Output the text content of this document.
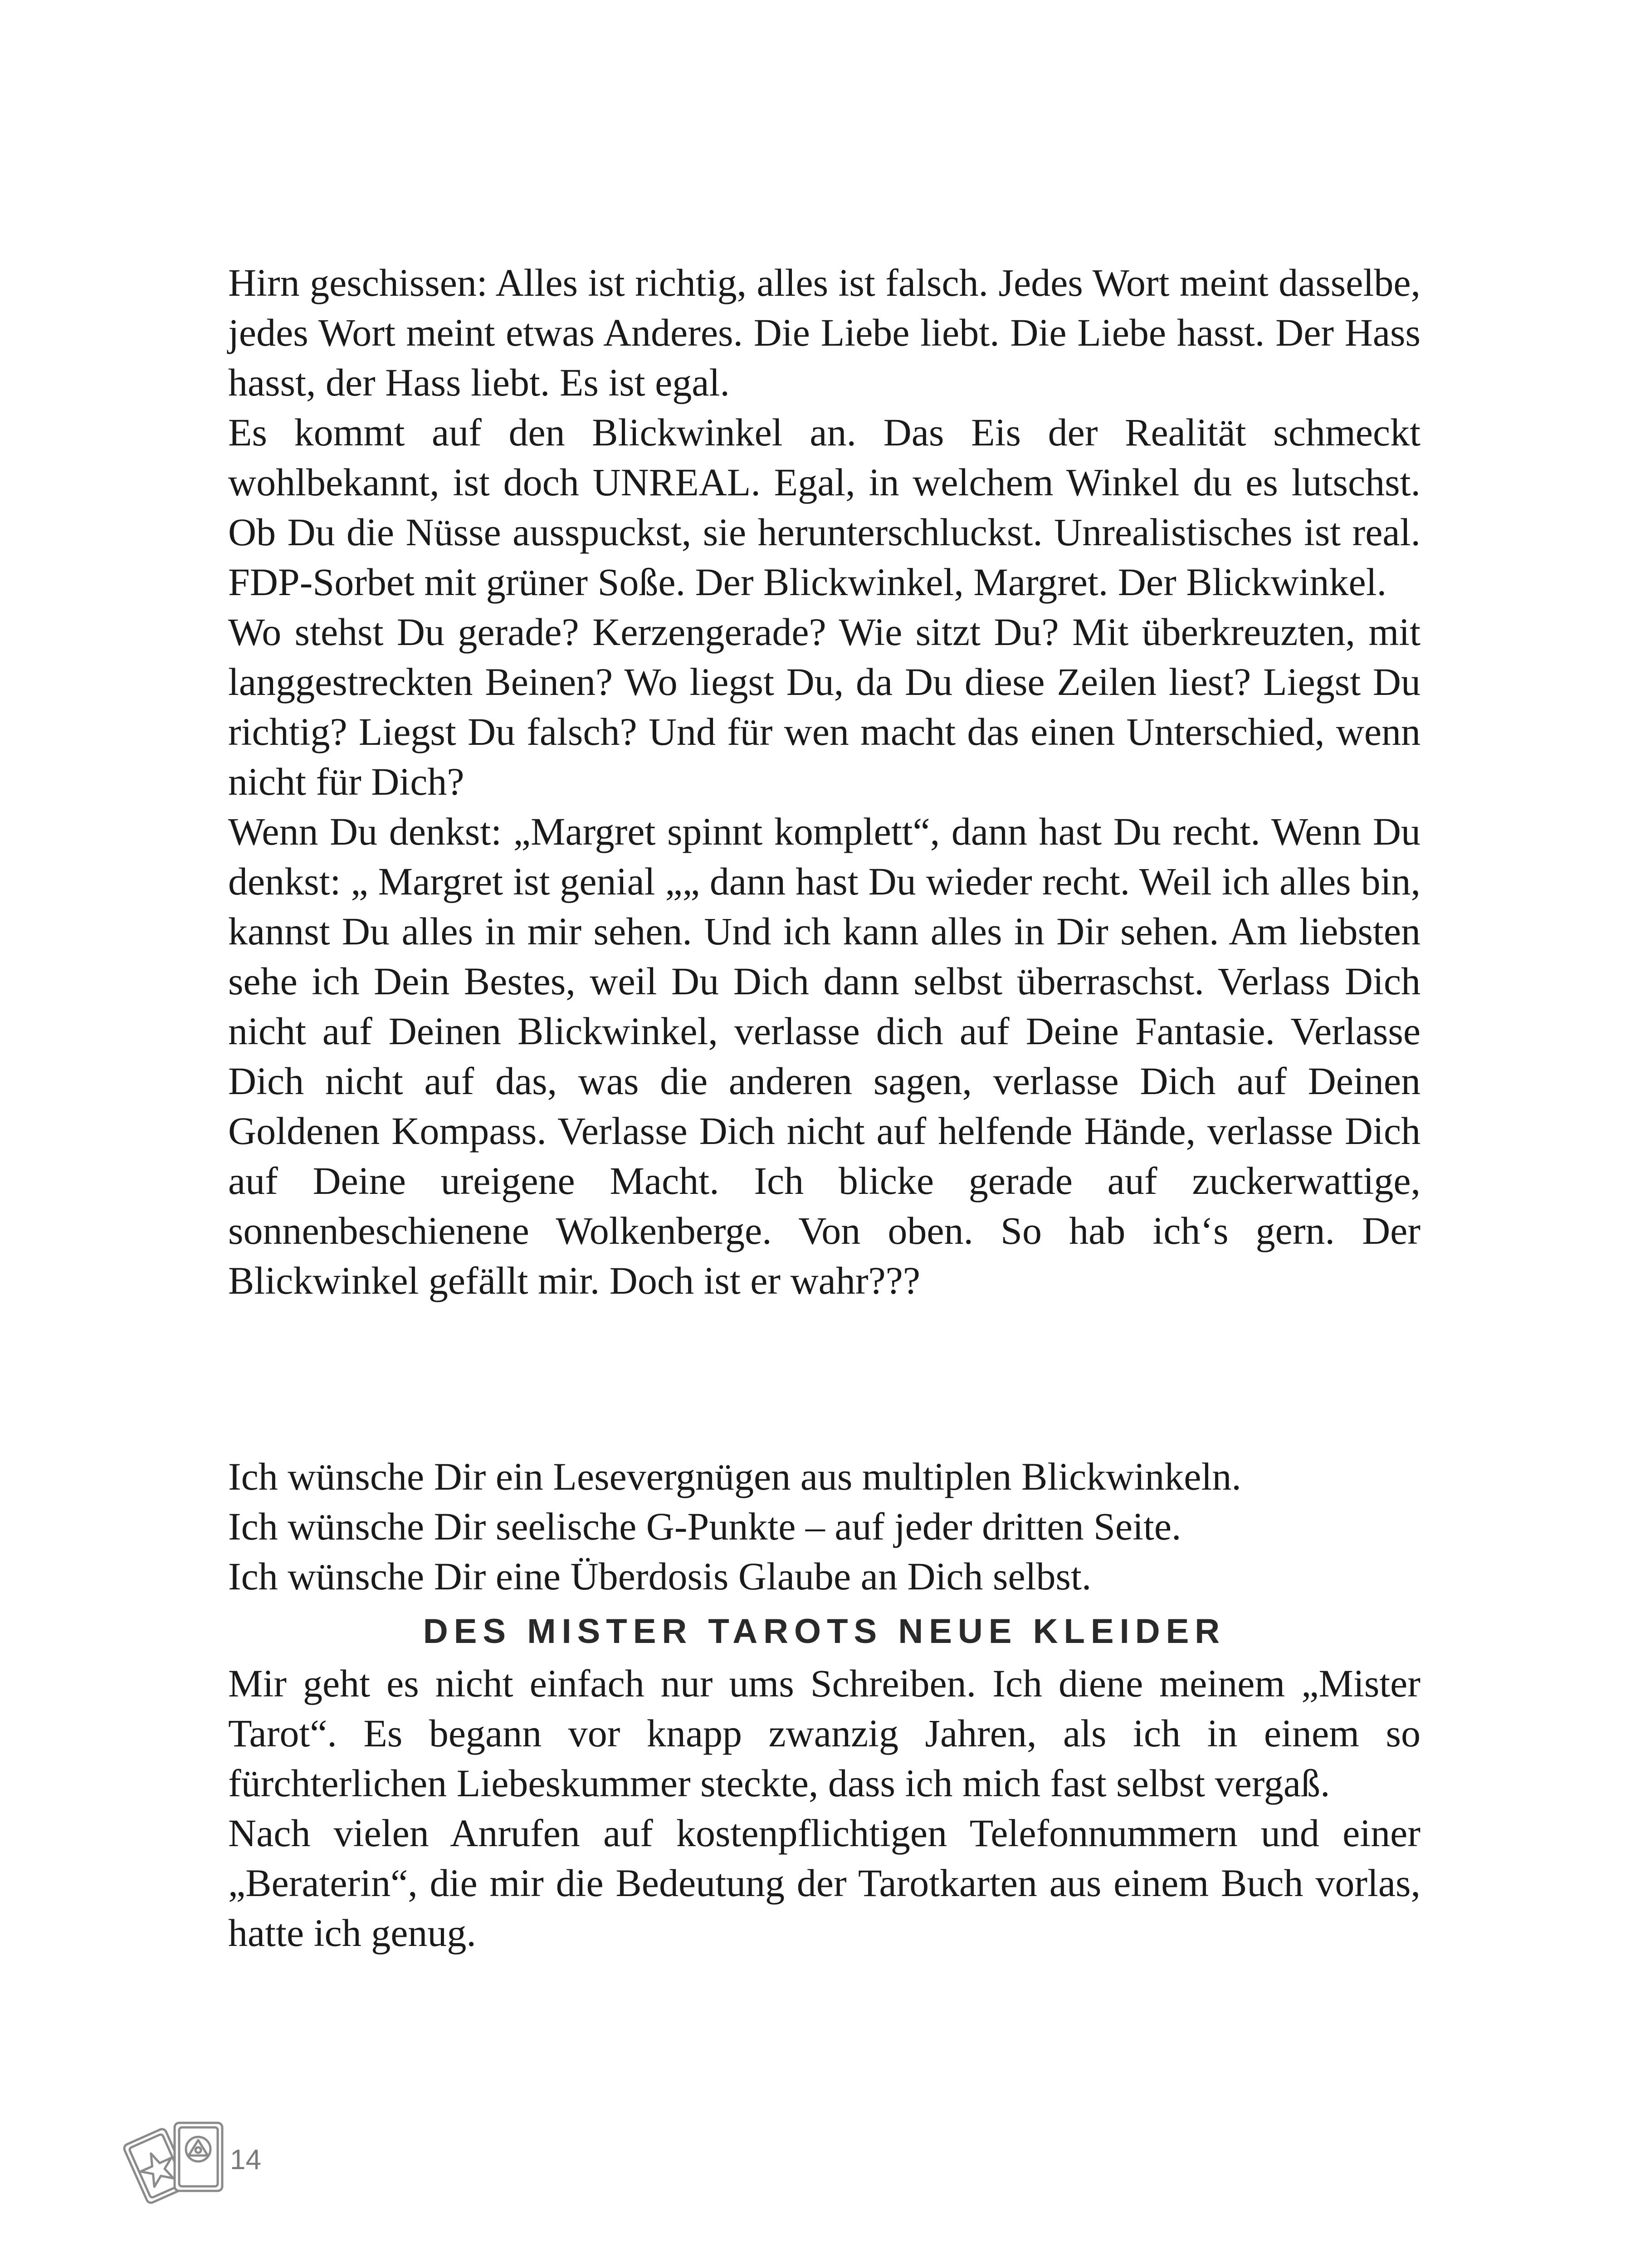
Hirn geschissen: Alles ist richtig, alles ist falsch. Jedes Wort meint dasselbe, jedes Wort meint etwas Anderes. Die Liebe liebt. Die Liebe hasst. Der Hass hasst, der Hass liebt. Es ist egal.

Es kommt auf den Blickwinkel an. Das Eis der Realität schmeckt wohlbekannt, ist doch UNREAL. Egal, in welchem Winkel du es lutschst. Ob Du die Nüsse ausspuckst, sie herunterschluckst. Unrealistisches ist real. FDP-Sorbet mit grüner Soße. Der Blickwinkel, Margret. Der Blickwinkel.

Wo stehst Du gerade? Kerzengerade? Wie sitzt Du? Mit überkreuzten, mit langgestreckten Beinen? Wo liegst Du, da Du diese Zeilen liest? Liegst Du richtig? Liegst Du falsch? Und für wen macht das einen Unterschied, wenn nicht für Dich?

Wenn Du denkst: „Margret spinnt komplett“, dann hast Du recht. Wenn Du denkst: „ Margret ist genial „„ dann hast Du wieder recht. Weil ich alles bin, kannst Du alles in mir sehen. Und ich kann alles in Dir sehen. Am liebsten sehe ich Dein Bestes, weil Du Dich dann selbst überraschst. Verlass Dich nicht auf Deinen Blickwinkel, verlasse dich auf Deine Fantasie. Verlasse Dich nicht auf das, was die anderen sagen, verlasse Dich auf Deinen Goldenen Kompass. Verlasse Dich nicht auf helfende Hände, verlasse Dich auf Deine ureigene Macht. Ich blicke gerade auf zuckerwattige, sonnenbeschienene Wolkenberge. Von oben. So hab ich‘s gern. Der Blickwinkel gefällt mir. Doch ist er wahr???

Ich wünsche Dir ein Lesevergnügen aus multiplen Blickwinkeln.
Ich wünsche Dir seelische G-Punkte – auf jeder dritten Seite.
Ich wünsche Dir eine Überdosis Glaube an Dich selbst.
DES MISTER TAROTS NEUE KLEIDER

Mir geht es nicht einfach nur ums Schreiben. Ich diene meinem „Mister Tarot“. Es begann vor knapp zwanzig Jahren, als ich in einem so fürchterlichen Liebeskummer steckte, dass ich mich fast selbst vergaß.

Nach vielen Anrufen auf kostenpflichtigen Telefonnummern und einer „Beraterin“, die mir die Bedeutung der Tarotkarten aus einem Buch vorlas, hatte ich genug.

14
